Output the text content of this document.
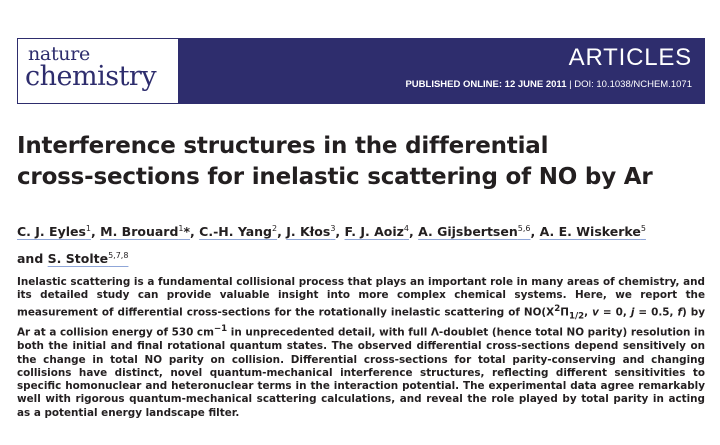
nature
chemistry
ARTICLES
PUBLISHED ONLINE: 12 JUNE 2011 | DOI: 10.1038/NCHEM.1071
Interference structures in the differential
cross-sections for inelastic scattering of NO by Ar
C. J. Eyles$^1$, M. Brouard$^1$*, C.-H. Yang$^2$, J. Kłos$^3$, F. J. Aoiz$^4$, A. Gijsbertsen$^{5,6}$, A. E. Wiskerke$^5$
and S. Stolte$^{5,7,8}$

Inelastic scattering is a fundamental collisional process that plays an important role in many areas of chemistry, and its detailed study can provide valuable insight into more complex chemical systems. Here, we report the measurement of differential cross-sections for the rotationally inelastic scattering of $NO(X^2\Pi_{1/2}$, v = 0, j = 0.5, f) by Ar at a collision energy of 530 $cm^{-1}$ in unprecedented detail, with full Λ-doublet (hence total NO parity) resolution in both the initial and final rotational quantum states. The observed differential cross-sections depend sensitively on the change in total NO parity on collision. Differential cross-sections for total parity-conserving and changing collisions have distinct, novel quantum-mechanical interference structures, reflecting different sensitivities to specific homonuclear and heteronuclear terms in the interaction potential. The experimental data agree remarkably well with rigorous quantum-mechanical scattering calculations, and reveal the role played by total parity in acting as a potential energy landscape filter.
